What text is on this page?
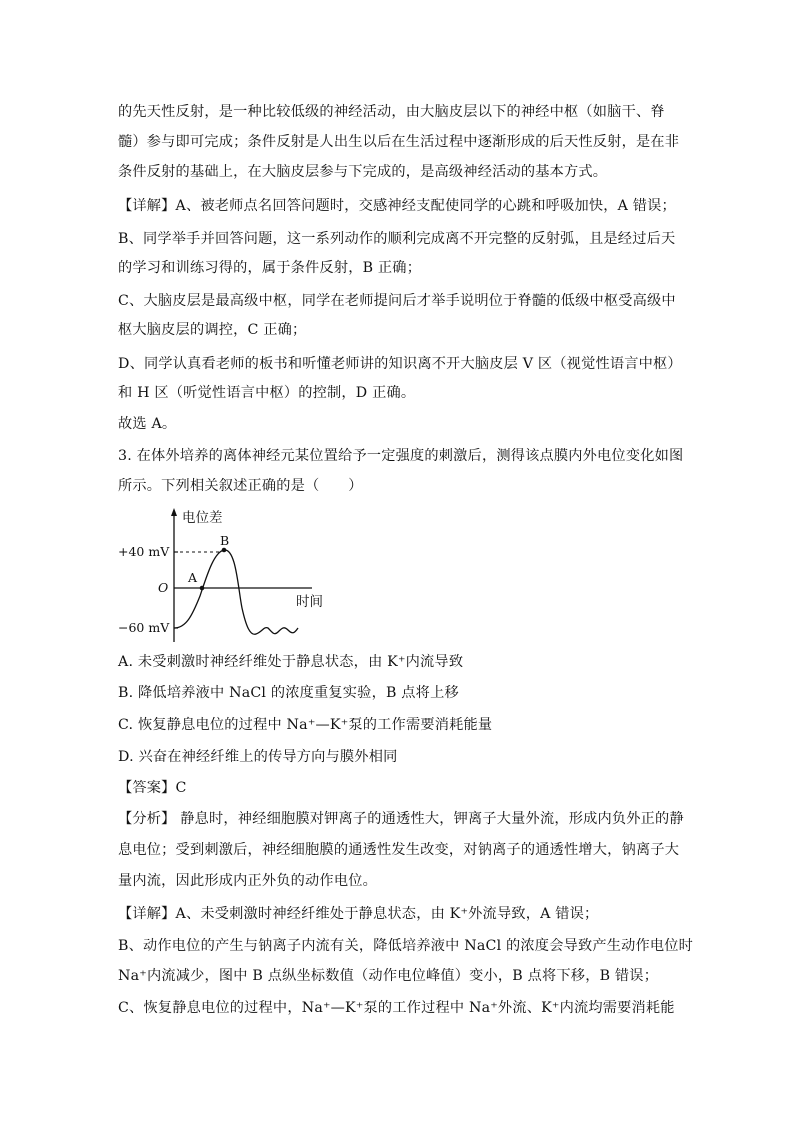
的先天性反射，是一种比较低级的神经活动，由大脑皮层以下的神经中枢（如脑干、脊
髓）参与即可完成；条件反射是人出生以后在生活过程中逐渐形成的后天性反射，是在非
条件反射的基础上，在大脑皮层参与下完成的，是高级神经活动的基本方式。
【详解】A、被老师点名回答问题时，交感神经支配使同学的心跳和呼吸加快，A 错误；
B、同学举手并回答问题，这一系列动作的顺利完成离不开完整的反射弧，且是经过后天
的学习和训练习得的，属于条件反射，B 正确；
C、大脑皮层是最高级中枢，同学在老师提问后才举手说明位于脊髓的低级中枢受高级中
枢大脑皮层的调控，C 正确；
D、同学认真看老师的板书和听懂老师讲的知识离不开大脑皮层 V 区（视觉性语言中枢）
和 H 区（听觉性语言中枢）的控制，D 正确。
故选 A。
3. 在体外培养的离体神经元某位置给予一定强度的刺激后，测得该点膜内外电位变化如图
所示。下列相关叙述正确的是（　　）
电位差
时间
+40 mV
O
−60 mV
A
B
A. 未受刺激时神经纤维处于静息状态，由 K⁺内流导致
B. 降低培养液中 NaCl 的浓度重复实验，B 点将上移
C. 恢复静息电位的过程中 Na⁺—K⁺泵的工作需要消耗能量
D. 兴奋在神经纤维上的传导方向与膜外相同
【答案】C
【分析】 静息时，神经细胞膜对钾离子的通透性大，钾离子大量外流，形成内负外正的静
息电位；受到刺激后，神经细胞膜的通透性发生改变，对钠离子的通透性增大，钠离子大
量内流，因此形成内正外负的动作电位。
【详解】A、未受刺激时神经纤维处于静息状态，由 K⁺外流导致，A 错误；
B、动作电位的产生与钠离子内流有关，降低培养液中 NaCl 的浓度会导致产生动作电位时
Na⁺内流减少，图中 B 点纵坐标数值（动作电位峰值）变小，B 点将下移，B 错误；
C、恢复静息电位的过程中，Na⁺—K⁺泵的工作过程中 Na⁺外流、K⁺内流均需要消耗能
